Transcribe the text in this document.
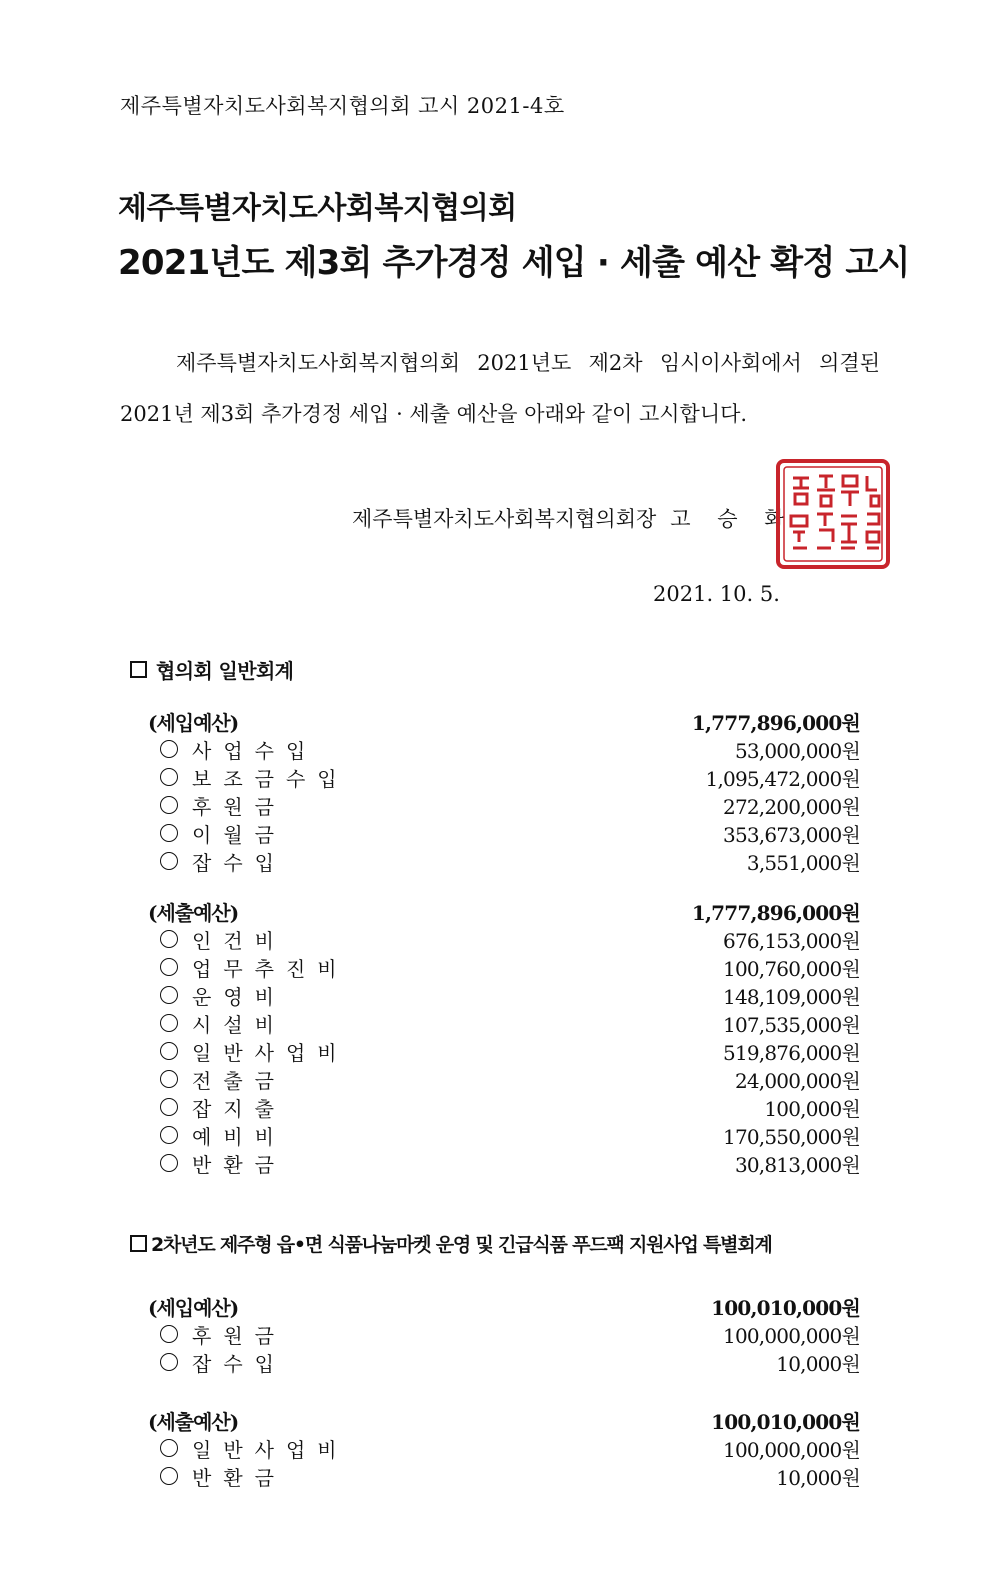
제주특별자치도사회복지협의회 고시 2021-4호
제주특별자치도사회복지협의회
2021년도 제3회 추가경정 세입 · 세출 예산 확정 고시
제주특별자치도사회복지협의회 2021년도 제2차 임시이사회에서 의결된 2021년 제3회 추가경정 세입 · 세출 예산을 아래와 같이 고시합니다.
제주특별자치도사회복지협의회장 고 승 화
2021. 10. 5.
협의회 일반회계
(세입예산)	1,777,896,000원
사업수입	53,000,000원
보조금수입	1,095,472,000원
후원금	272,200,000원
이월금	353,673,000원
잡수입	3,551,000원
(세출예산)	1,777,896,000원
인건비	676,153,000원
업무추진비	100,760,000원
운영비	148,109,000원
시설비	107,535,000원
일반사업비	519,876,000원
전출금	24,000,000원
잡지출	100,000원
예비비	170,550,000원
반환금	30,813,000원
2차년도 제주형 읍•면 식품나눔마켓 운영 및 긴급식품 푸드팩 지원사업 특별회계
(세입예산)	100,010,000원
후원금	100,000,000원
잡수입	10,000원
(세출예산)	100,010,000원
일반사업비	100,000,000원
반환금	10,000원
